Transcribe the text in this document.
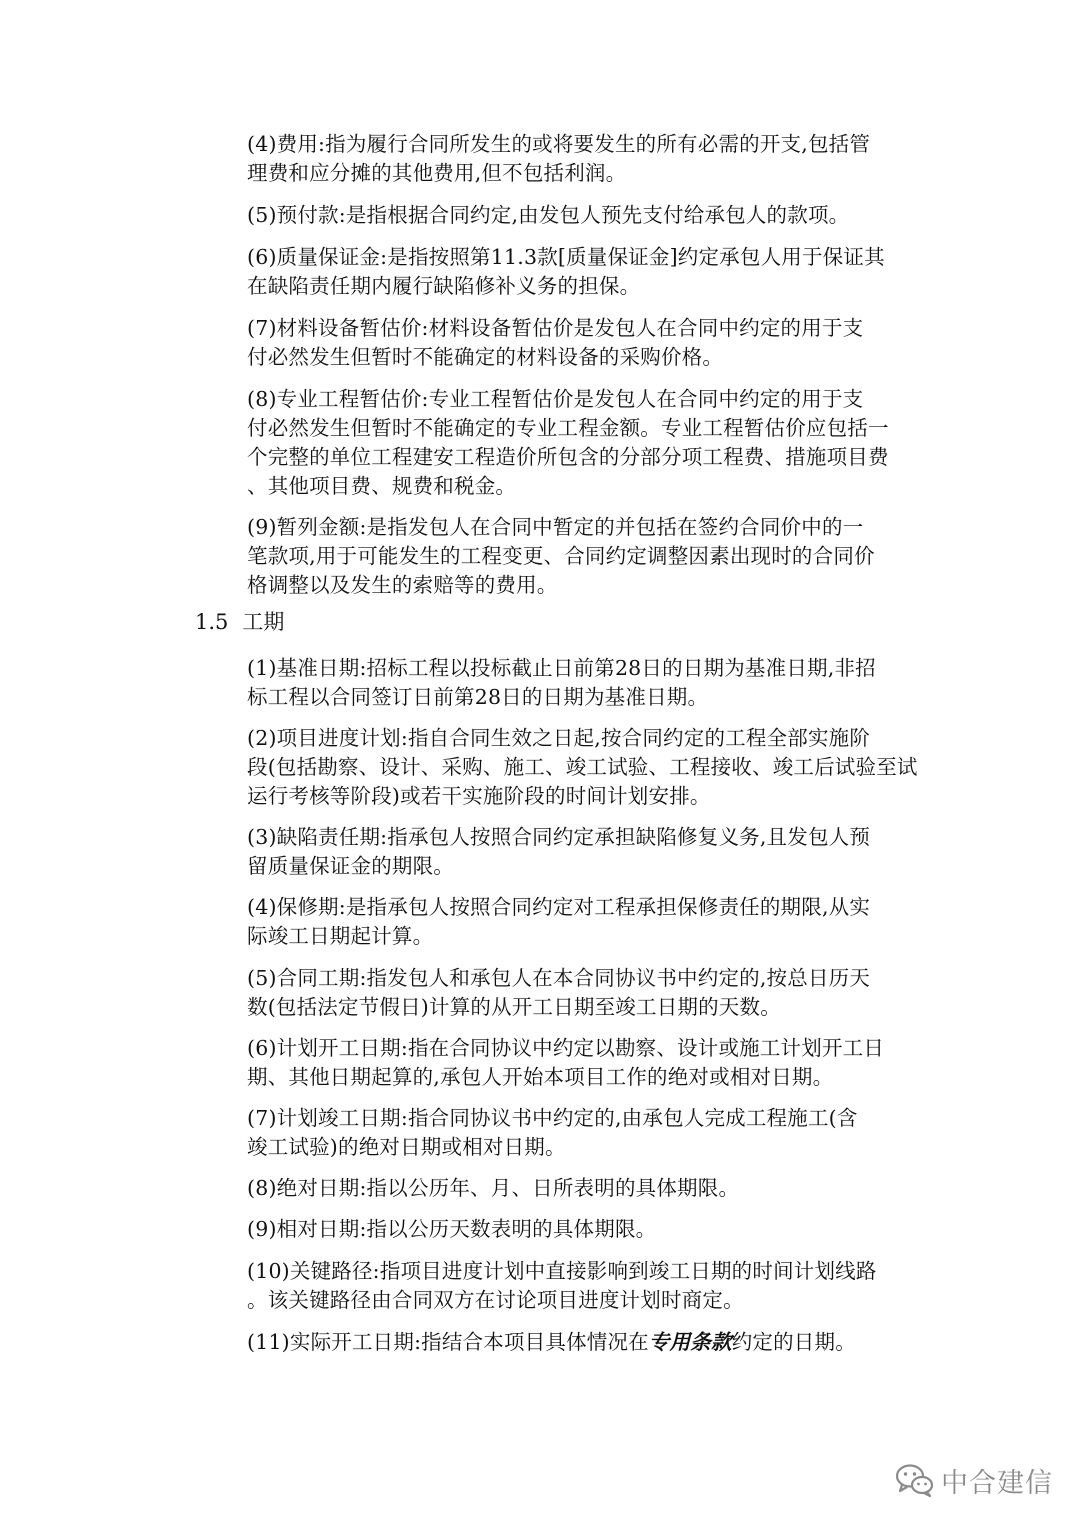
(4)费用:指为履行合同所发生的或将要发生的所有必需的开支,包括管
理费和应分摊的其他费用,但不包括利润。

(5)预付款:是指根据合同约定,由发包人预先支付给承包人的款项。

(6)质量保证金:是指按照第11.3款[质量保证金]约定承包人用于保证其
在缺陷责任期内履行缺陷修补义务的担保。

(7)材料设备暂估价:材料设备暂估价是发包人在合同中约定的用于支
付必然发生但暂时不能确定的材料设备的采购价格。

(8)专业工程暂估价:专业工程暂估价是发包人在合同中约定的用于支
付必然发生但暂时不能确定的专业工程金额。专业工程暂估价应包括一
个完整的单位工程建安工程造价所包含的分部分项工程费、措施项目费
、其他项目费、规费和税金。

(9)暂列金额:是指发包人在合同中暂定的并包括在签约合同价中的一
笔款项,用于可能发生的工程变更、合同约定调整因素出现时的合同价
格调整以及发生的索赔等的费用。

1.5 工期

(1)基准日期:招标工程以投标截止日前第28日的日期为基准日期,非招
标工程以合同签订日前第28日的日期为基准日期。

(2)项目进度计划:指自合同生效之日起,按合同约定的工程全部实施阶
段(包括勘察、设计、采购、施工、竣工试验、工程接收、竣工后试验至试
运行考核等阶段)或若干实施阶段的时间计划安排。

(3)缺陷责任期:指承包人按照合同约定承担缺陷修复义务,且发包人预
留质量保证金的期限。

(4)保修期:是指承包人按照合同约定对工程承担保修责任的期限,从实
际竣工日期起计算。

(5)合同工期:指发包人和承包人在本合同协议书中约定的,按总日历天
数(包括法定节假日)计算的从开工日期至竣工日期的天数。

(6)计划开工日期:指在合同协议中约定以勘察、设计或施工计划开工日
期、其他日期起算的,承包人开始本项目工作的绝对或相对日期。

(7)计划竣工日期:指合同协议书中约定的,由承包人完成工程施工(含
竣工试验)的绝对日期或相对日期。

(8)绝对日期:指以公历年、月、日所表明的具体期限。

(9)相对日期:指以公历天数表明的具体期限。

(10)关键路径:指项目进度计划中直接影响到竣工日期的时间计划线路
。该关键路径由合同双方在讨论项目进度计划时商定。

(11)实际开工日期:指结合本项目具体情况在专用条款约定的日期。

中合建信
